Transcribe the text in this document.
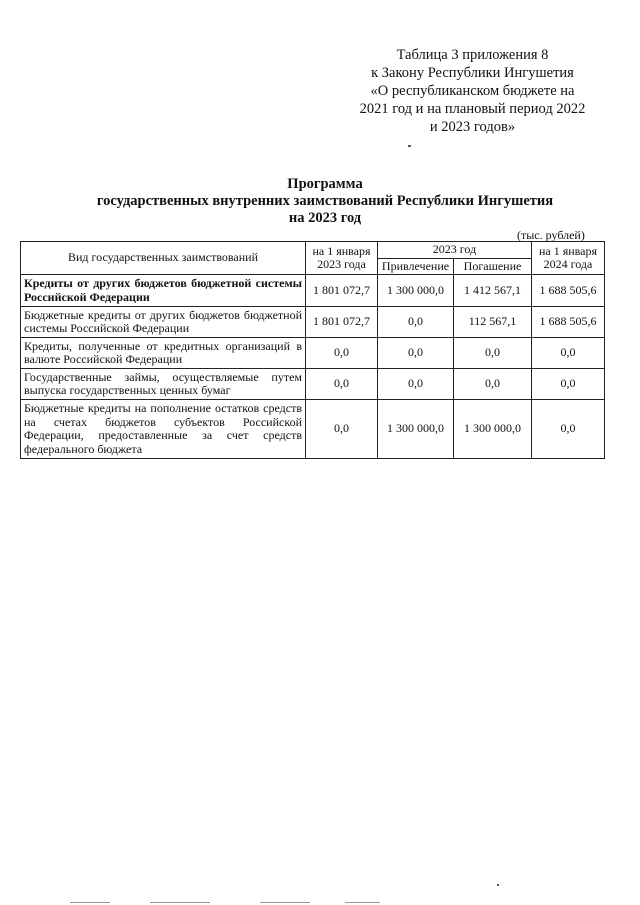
Таблица 3 приложения 8
к Закону Республики Ингушетия
«О республиканском бюджете на
2021 год и на плановый период 2022
и 2023 годов»
Программа
государственных внутренних заимствований Республики Ингушетия
на 2023 год
(тыс. рублей)
Вид государственных заимствований	на 1 января 2023 года	2023 год		на 1 января 2024 года
		Привлечение	Погашение	
Кредиты от других бюджетов бюджетной системы Российской Федерации	1 801 072,7	1 300 000,0	1 412 567,1	1 688 505,6
Бюджетные кредиты от других бюджетов бюджетной системы Российской Федерации	1 801 072,7	0,0	112 567,1	1 688 505,6
Кредиты, полученные от кредитных организаций в валюте Российской Федерации	0,0	0,0	0,0	0,0
Государственные займы, осуществляемые путем выпуска государственных ценных бумаг	0,0	0,0	0,0	0,0
Бюджетные кредиты на пополнение остатков средств на счетах бюджетов субъектов Российской Федерации, предоставленные за счет средств федерального бюджета	0,0	1 300 000,0	1 300 000,0	0,0
